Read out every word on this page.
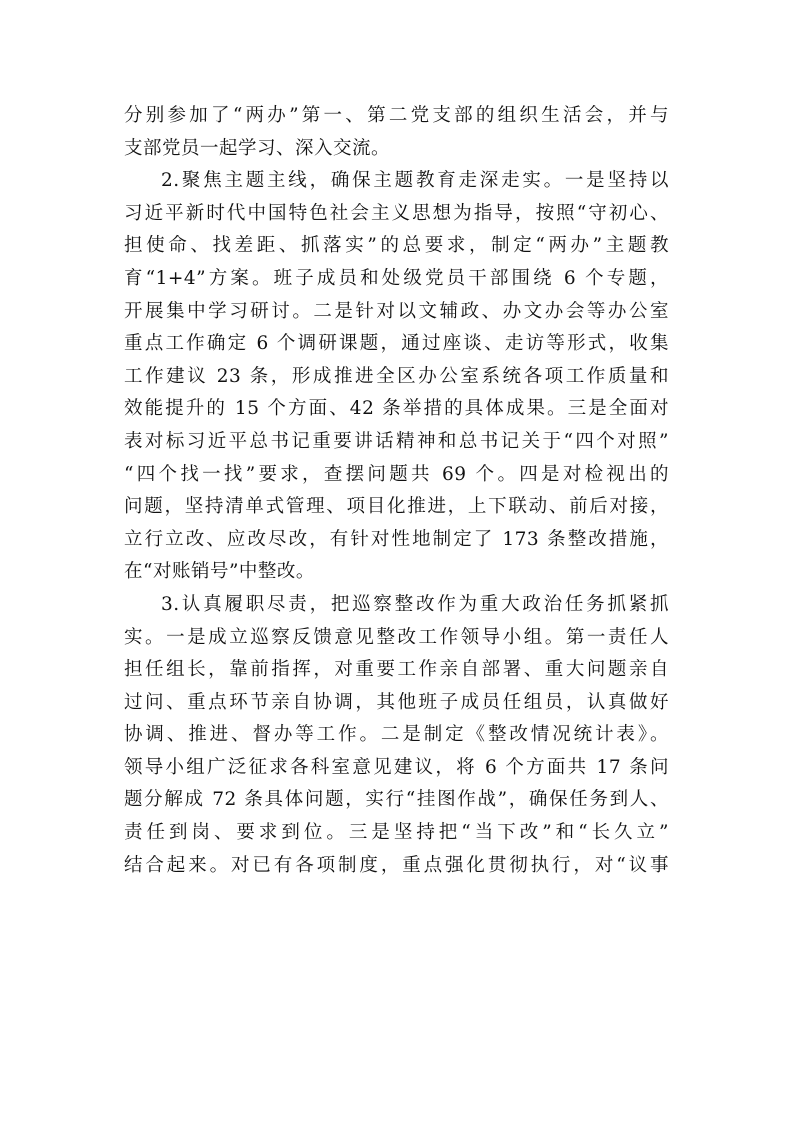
分别参加了“两办”第一、第二党支部的组织生活会，并与
支部党员一起学习、深入交流。
2.聚焦主题主线，确保主题教育走深走实。一是坚持以
习近平新时代中国特色社会主义思想为指导，按照“守初心、
担使命、找差距、抓落实”的总要求，制定“两办”主题教
育“1+4”方案。班子成员和处级党员干部围绕 6 个专题，
开展集中学习研讨。二是针对以文辅政、办文办会等办公室
重点工作确定 6 个调研课题，通过座谈、走访等形式，收集
工作建议 23 条，形成推进全区办公室系统各项工作质量和
效能提升的 15 个方面、42 条举措的具体成果。三是全面对
表对标习近平总书记重要讲话精神和总书记关于“四个对照”
“四个找一找”要求，查摆问题共 69 个。四是对检视出的
问题，坚持清单式管理、项目化推进，上下联动、前后对接，
立行立改、应改尽改，有针对性地制定了 173 条整改措施，
在“对账销号”中整改。
3.认真履职尽责，把巡察整改作为重大政治任务抓紧抓
实。一是成立巡察反馈意见整改工作领导小组。第一责任人
担任组长，靠前指挥，对重要工作亲自部署、重大问题亲自
过问、重点环节亲自协调，其他班子成员任组员，认真做好
协调、推进、督办等工作。二是制定《整改情况统计表》。
领导小组广泛征求各科室意见建议，将 6 个方面共 17 条问
题分解成 72 条具体问题，实行“挂图作战”，确保任务到人、
责任到岗、要求到位。三是坚持把“当下改”和“长久立”
结合起来。对已有各项制度，重点强化贯彻执行，对“议事
